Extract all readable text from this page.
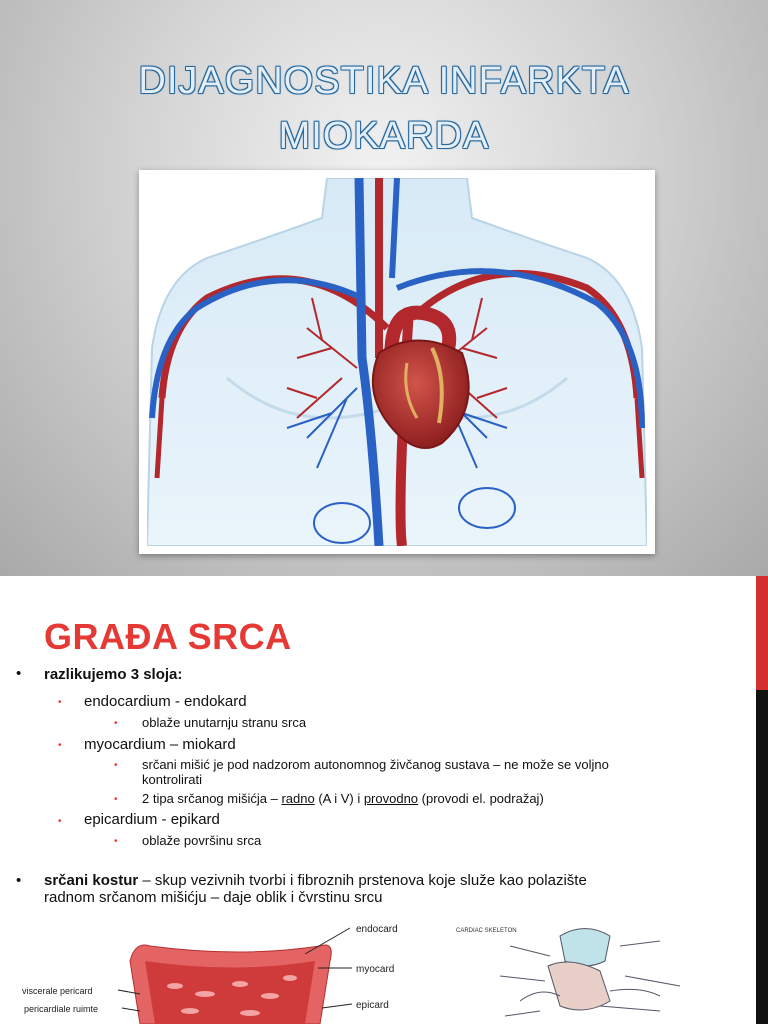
DIJAGNOSTIKA INFARKTA
MIOKARDA
GRAĐA SRCA
• razlikujemo 3 sloja:
• endocardium - endokard
• oblaže unutarnju stranu srca
• myocardium – miokard
• srčani mišić je pod nadzorom autonomnog živčanog sustava – ne može se voljno
kontrolirati
• 2 tipa srčanog mišićja – radno (A i V) i provodno (provodi el. podražaj)
• epicardium - epikard
• oblaže površinu srca
• srčani kostur – skup vezivnih tvorbi i fibroznih prstenova koje služe kao polazište
radnom srčanom mišićju – daje oblik i čvrstinu srcu
endocard
myocard
epicard
viscerale pericard
pericardiale ruimte
CARDIAC SKELETON
